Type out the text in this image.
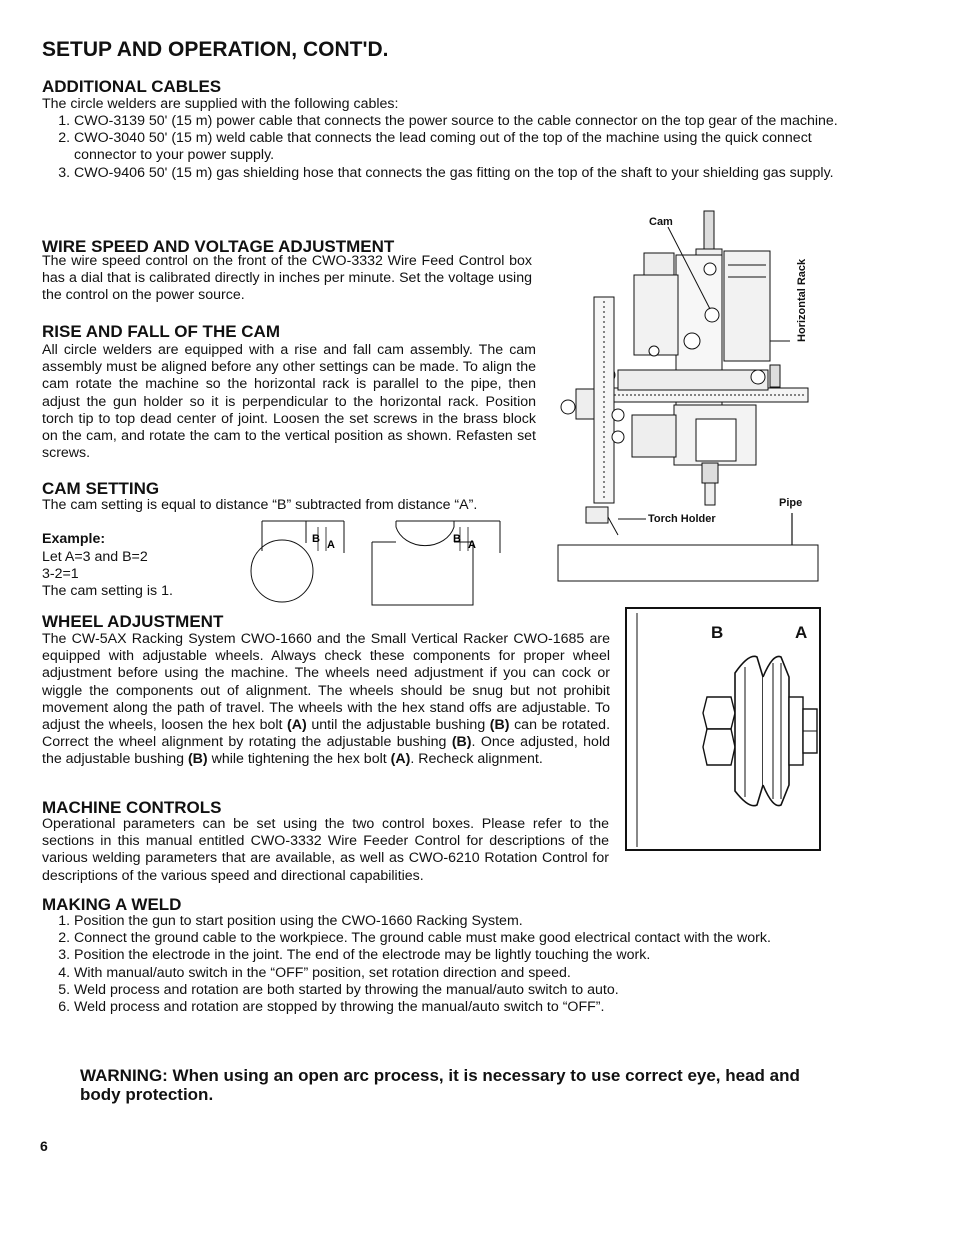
SETUP AND OPERATION, CONT'D.
ADDITIONAL CABLES
The circle welders are supplied with the following cables:
1. CWO-3139 50' (15 m) power cable that connects the power source to the cable connector on the top gear of the machine.
2. CWO-3040 50' (15 m) weld cable that connects the lead coming out of the top of the machine using the quick connect connector to your power supply.
3. CWO-9406 50' (15 m) gas shielding hose that connects the gas fitting on the top of the shaft to your shielding gas supply.
WIRE SPEED AND VOLTAGE ADJUSTMENT
The wire speed control on the front of the CWO-3332 Wire Feed Control box has a dial that is calibrated directly in inches per minute. Set the voltage using the control on the power source.
RISE AND FALL OF THE CAM
All circle welders are equipped with a rise and fall cam assembly. The cam assembly must be aligned before any other settings can be made. To align the cam rotate the machine so the horizontal rack is parallel to the pipe, then adjust the gun holder so it is perpendicular to the horizontal rack. Position torch tip to top dead center of joint. Loosen the set screws in the brass block on the cam, and rotate the cam to the vertical position as shown. Refasten set screws.
CAM SETTING
The cam setting is equal to distance “B” subtracted from distance “A”.
Example:
Let A=3 and B=2
3-2=1
The cam setting is 1.
B A	B A
Cam
Horizontal Rack
Torch Holder
Pipe
WHEEL ADJUSTMENT
The CW-5AX Racking System CWO-1660 and the Small Vertical Racker CWO-1685 are equipped with adjustable wheels. Always check these components for proper wheel adjustment before using the machine. The wheels need adjustment if you can cock or wiggle the components out of alignment. The wheels should be snug but not prohibit movement along the path of travel. The wheels with the hex stand offs are adjustable. To adjust the wheels, loosen the hex bolt (A) until the adjustable bushing (B) can be rotated. Correct the wheel alignment by rotating the adjustable bushing (B). Once adjusted, hold the adjustable bushing (B) while tightening the hex bolt (A). Recheck alignment.
B	A
MACHINE CONTROLS
Operational parameters can be set using the two control boxes. Please refer to the sections in this manual entitled CWO-3332 Wire Feeder Control for descriptions of the various welding parameters that are available, as well as CWO-6210 Rotation Control for descriptions of the various speed and directional capabilities.
MAKING A WELD
1. Position the gun to start position using the CWO-1660 Racking System.
2. Connect the ground cable to the workpiece. The ground cable must make good electrical contact with the work.
3. Position the electrode in the joint. The end of the electrode may be lightly touching the work.
4. With manual/auto switch in the “OFF” position, set rotation direction and speed.
5. Weld process and rotation are both started by throwing the manual/auto switch to auto.
6. Weld process and rotation are stopped by throwing the manual/auto switch to “OFF”.
WARNING: When using an open arc process, it is necessary to use correct eye, head and body protection.
6
